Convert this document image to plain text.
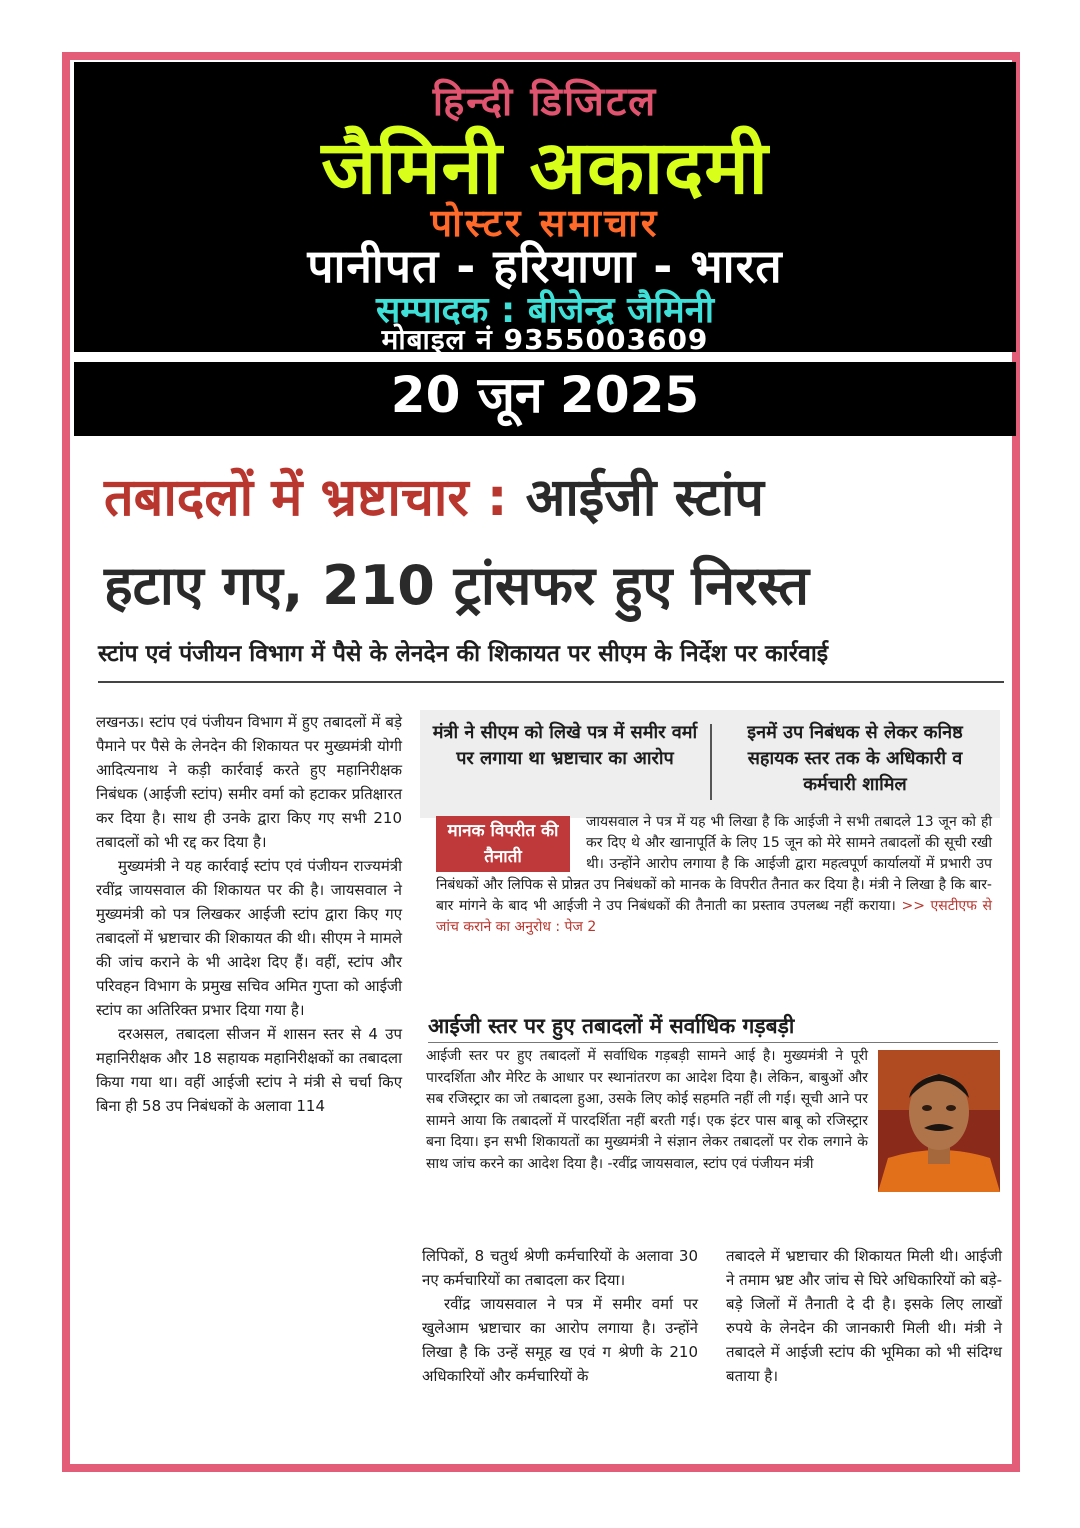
हिन्दी डिजिटल
जैमिनी अकादमी
पोस्टर समाचार
पानीपत - हरियाणा - भारत
सम्पादक : बीजेन्द्र जैमिनी
मोबाइल नं 9355003609
20 जून 2025
तबादलों में भ्रष्टाचार : आईजी स्टांप
हटाए गए, 210 ट्रांसफर हुए निरस्त
स्टांप एवं पंजीयन विभाग में पैसे के लेनदेन की शिकायत पर सीएम के निर्देश पर कार्रवाई

लखनऊ। स्टांप एवं पंजीयन विभाग में हुए तबादलों में बड़े पैमाने पर पैसे के लेनदेन की शिकायत पर मुख्यमंत्री योगी आदित्यनाथ ने कड़ी कार्रवाई करते हुए महानिरीक्षक निबंधक (आईजी स्टांप) समीर वर्मा को हटाकर प्रतिक्षारत कर दिया है। साथ ही उनके द्वारा किए गए सभी 210 तबादलों को भी रद्द कर दिया है।

मुख्यमंत्री ने यह कार्रवाई स्टांप एवं पंजीयन राज्यमंत्री रवींद्र जायसवाल की शिकायत पर की है। जायसवाल ने मुख्यमंत्री को पत्र लिखकर आईजी स्टांप द्वारा किए गए तबादलों में भ्रष्टाचार की शिकायत की थी। सीएम ने मामले की जांच कराने के भी आदेश दिए हैं। वहीं, स्टांप और परिवहन विभाग के प्रमुख सचिव अमित गुप्ता को आईजी स्टांप का अतिरिक्त प्रभार दिया गया है।

दरअसल, तबादला सीजन में शासन स्तर से 4 उप महानिरीक्षक और 18 सहायक महानिरीक्षकों का तबादला किया गया था। वहीं आईजी स्टांप ने मंत्री से चर्चा किए बिना ही 58 उप निबंधकों के अलावा 114

मंत्री ने सीएम को लिखे पत्र में समीर वर्मा पर लगाया था भ्रष्टाचार का आरोप
इनमें उप निबंधक से लेकर कनिष्ठ सहायक स्तर तक के अधिकारी व कर्मचारी शामिल
जायसवाल ने पत्र में यह भी लिखा है कि आईजी ने सभी तबादले 13 जून को ही कर दिए थे और खानापूर्ति के लिए 15 जून को मेरे सामने तबादलों की सूची रखी थी। उन्होंने आरोप लगाया है कि आईजी द्वारा महत्वपूर्ण कार्यालयों में प्रभारी उप निबंधकों और लिपिक से प्रोन्नत उप निबंधकों को मानक के विपरीत तैनात कर दिया है। मंत्री ने लिखा है कि बार-बार मांगने के बाद भी आईजी ने उप निबंधकों की तैनाती का प्रस्ताव उपलब्ध नहीं कराया। >> एसटीएफ से जांच कराने का अनुरोध : पेज 2
मानक विपरीत की तैनाती
आईजी स्तर पर हुए तबादलों में सर्वाधिक गड़बड़ी
आईजी स्तर पर हुए तबादलों में सर्वाधिक गड़बड़ी सामने आई है। मुख्यमंत्री ने पूरी पारदर्शिता और मेरिट के आधार पर स्थानांतरण का आदेश दिया है। लेकिन, बाबुओं और सब रजिस्ट्रार का जो तबादला हुआ, उसके लिए कोई सहमति नहीं ली गई। सूची आने पर सामने आया कि तबादलों में पारदर्शिता नहीं बरती गई। एक इंटर पास बाबू को रजिस्ट्रार बना दिया। इन सभी शिकायतों का मुख्यमंत्री ने संज्ञान लेकर तबादलों पर रोक लगाने के साथ जांच करने का आदेश दिया है। -रवींद्र जायसवाल, स्टांप एवं पंजीयन मंत्री

लिपिकों, 8 चतुर्थ श्रेणी कर्मचारियों के अलावा 30 नए कर्मचारियों का तबादला कर दिया।

रवींद्र जायसवाल ने पत्र में समीर वर्मा पर खुलेआम भ्रष्टाचार का आरोप लगाया है। उन्होंने लिखा है कि उन्हें समूह ख एवं ग श्रेणी के 210 अधिकारियों और कर्मचारियों के

तबादले में भ्रष्टाचार की शिकायत मिली थी। आईजी ने तमाम भ्रष्ट और जांच से घिरे अधिकारियों को बड़े-बड़े जिलों में तैनाती दे दी है। इसके लिए लाखों रुपये के लेनदेन की जानकारी मिली थी। मंत्री ने तबादले में आईजी स्टांप की भूमिका को भी संदिग्ध बताया है।
